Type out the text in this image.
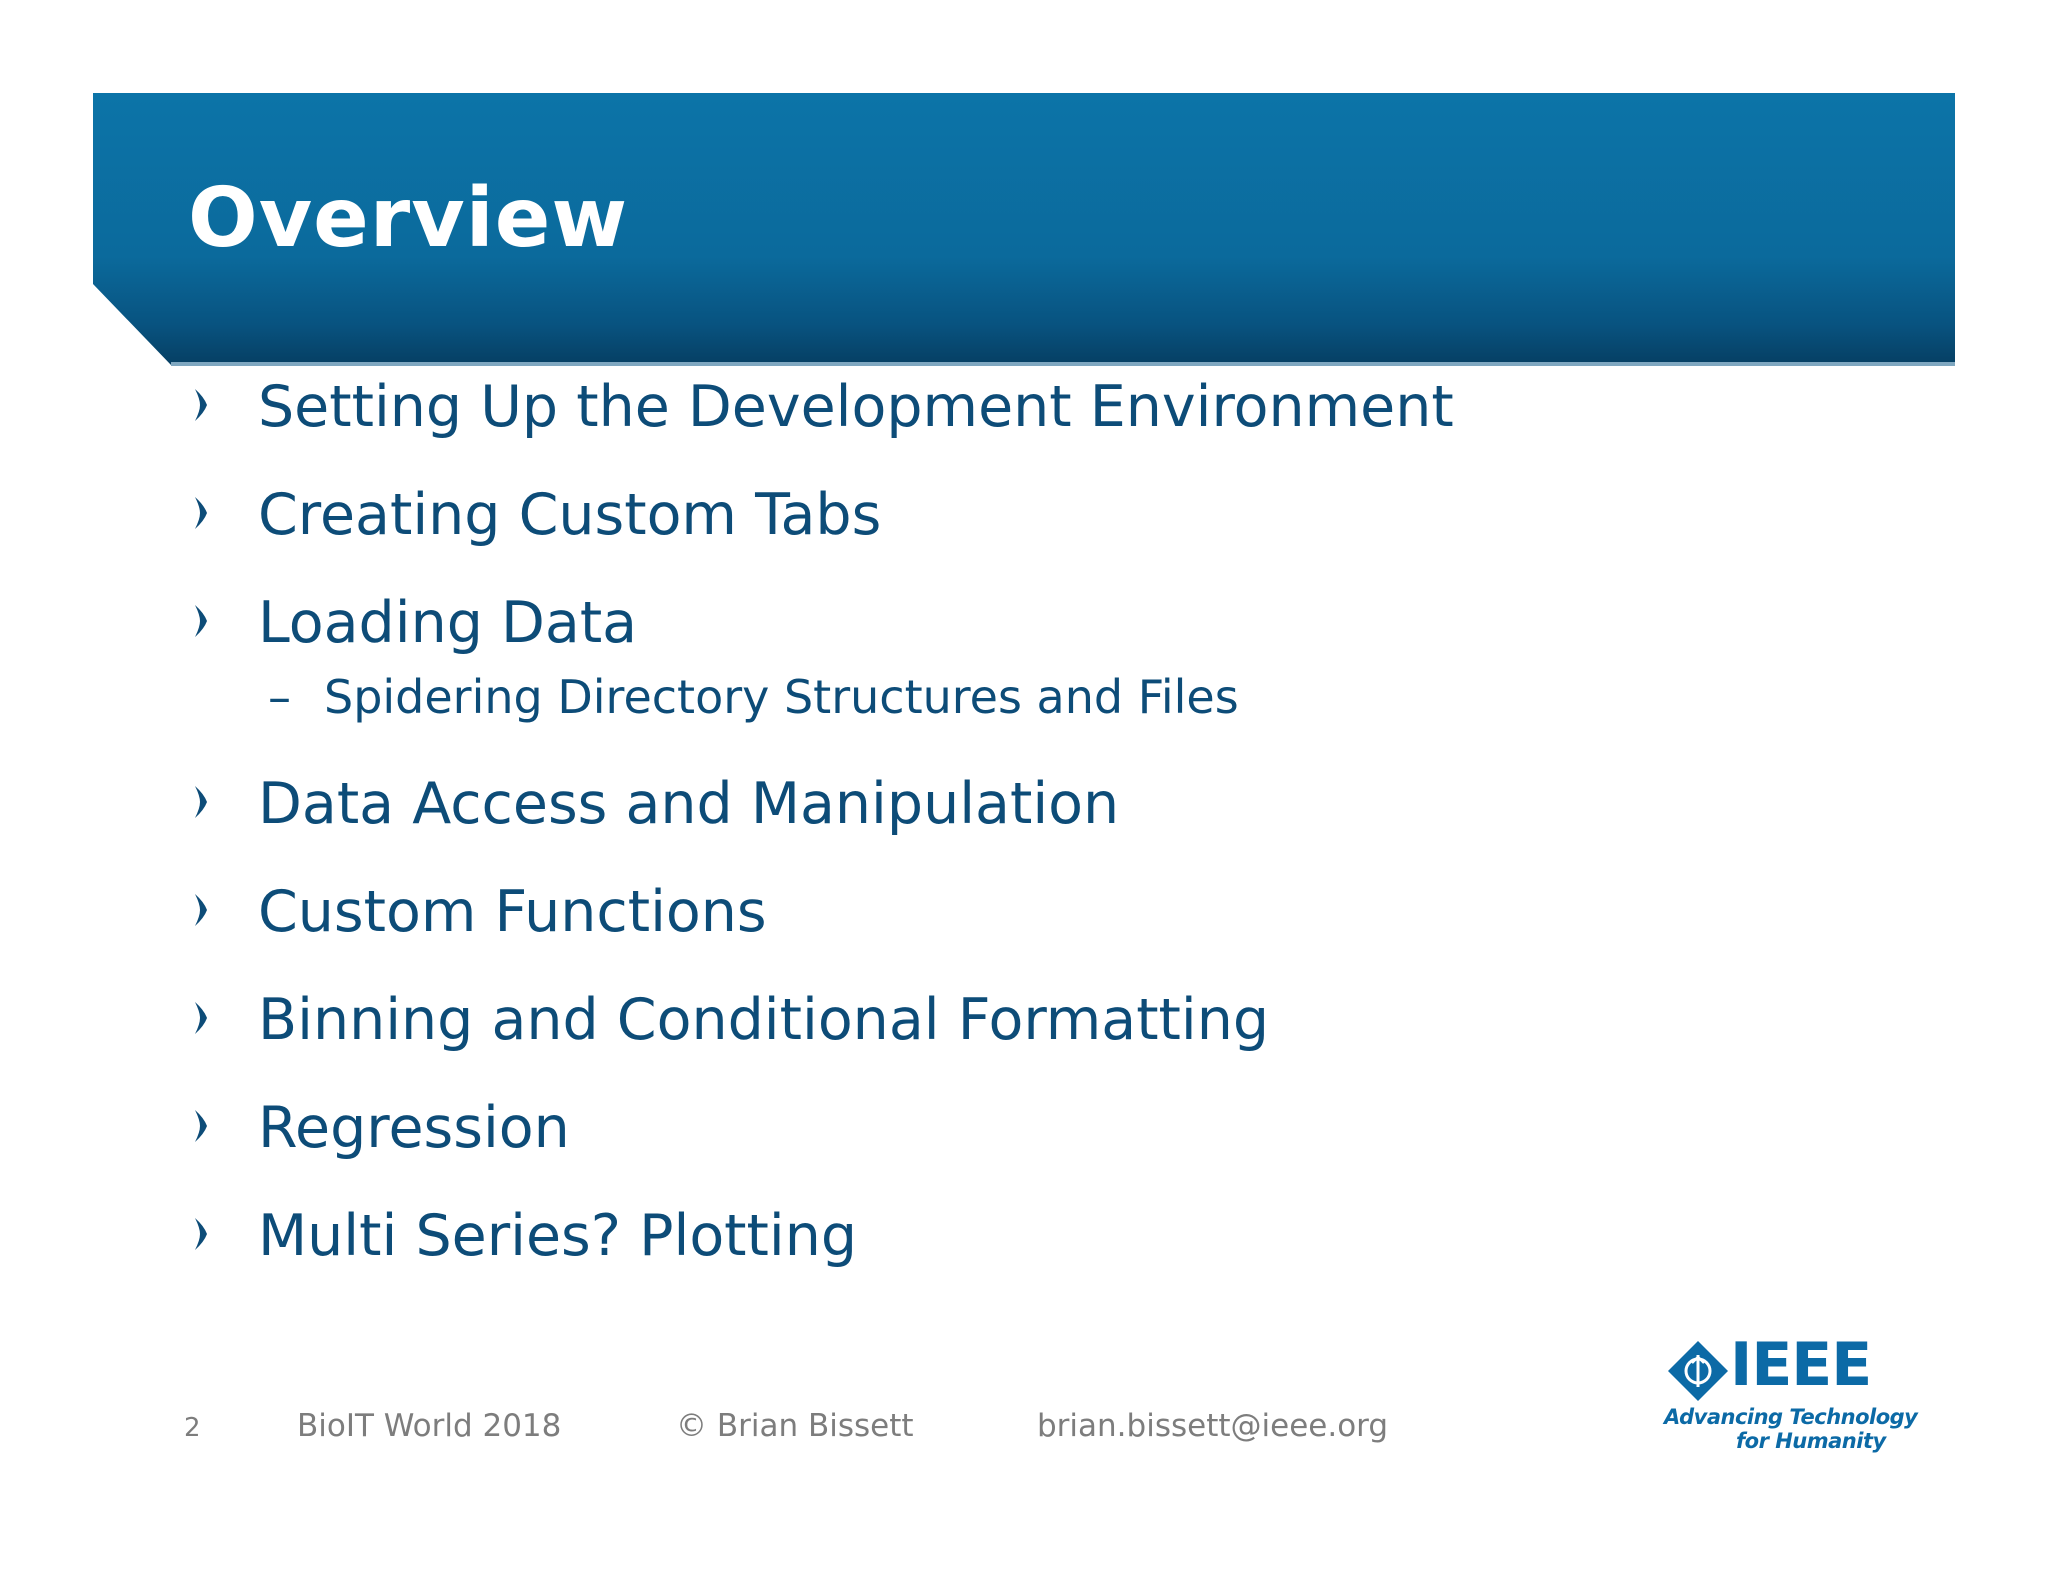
Overview
Setting Up the Development Environment
Creating Custom Tabs
Loading Data
– Spidering Directory Structures and Files
Data Access and Manipulation
Custom Functions
Binning and Conditional Formatting
Regression
Multi Series? Plotting
2	BioIT World 2018	© Brian Bissett	brian.bissett@ieee.org
IEEE
Advancing Technology
for Humanity
